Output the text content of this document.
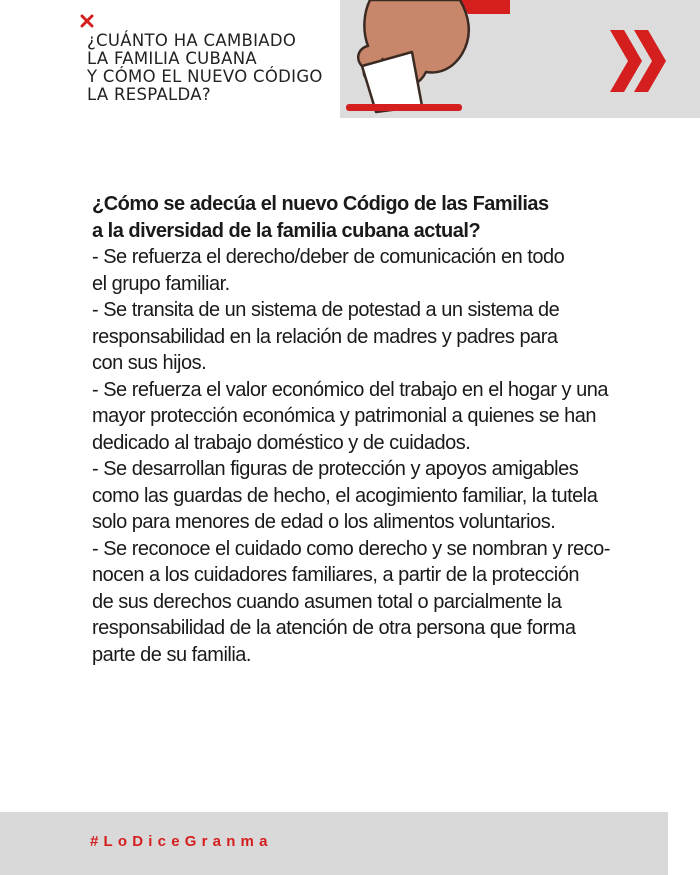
¿CUÁNTO HA CAMBIADO
LA FAMILIA CUBANA
Y CÓMO EL NUEVO CÓDIGO
LA RESPALDA?
¿Cómo se adecúa el nuevo Código de las Familias
a la diversidad de la familia cubana actual?
- Se refuerza el derecho/deber de comunicación en todo
el grupo familiar.
- Se transita de un sistema de potestad a un sistema de
responsabilidad en la relación de madres y padres para
con sus hijos.
- Se refuerza el valor económico del trabajo en el hogar y una
mayor protección económica y patrimonial a quienes se han
dedicado al trabajo doméstico y de cuidados.
- Se desarrollan figuras de protección y apoyos amigables
como las guardas de hecho, el acogimiento familiar, la tutela
solo para menores de edad o los alimentos voluntarios.
- Se reconoce el cuidado como derecho y se nombran y reco-
nocen a los cuidadores familiares, a partir de la protección
de sus derechos cuando asumen total o parcialmente la
responsabilidad de la atención de otra persona que forma
parte de su familia.
#LoDiceGranma
